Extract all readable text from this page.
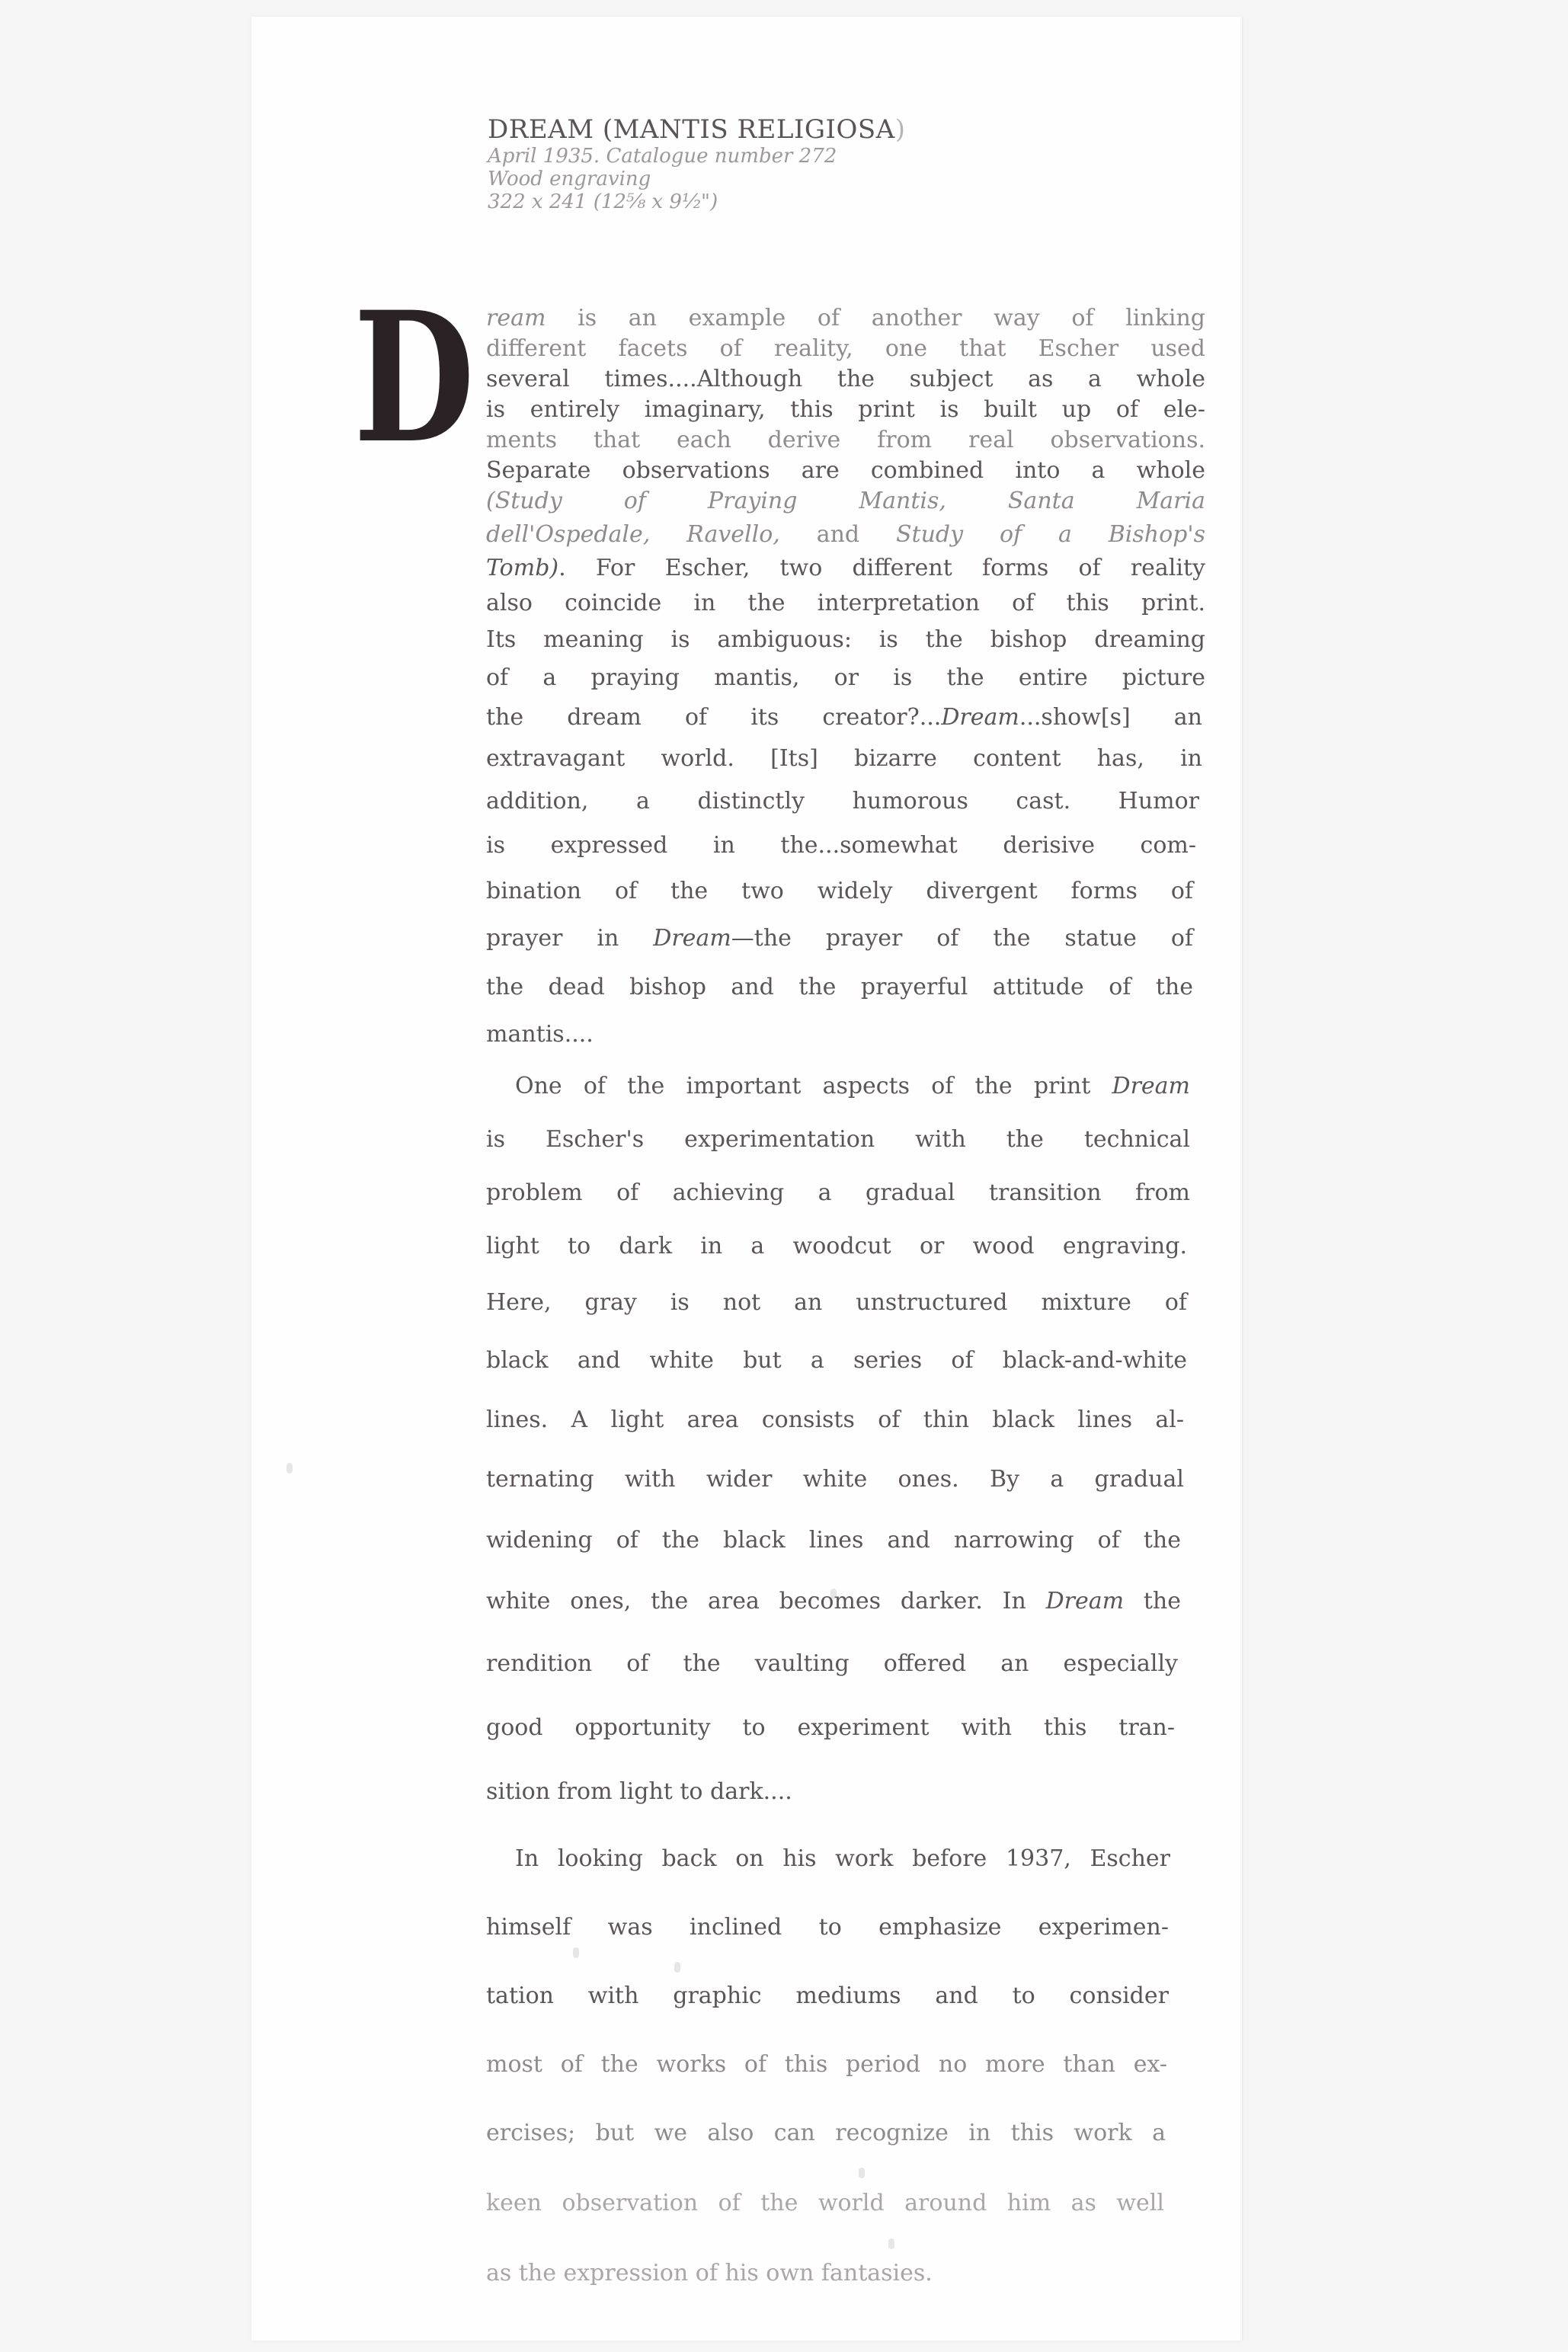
DREAM (MANTIS RELIGIOSA)

April 1935. Catalogue number 272

Wood engraving

322 x 241 (12⁵⁄₈ x 9¹⁄₂")

D ream is an example of another way of linking
different facets of reality, one that Escher used
several times....Although the subject as a whole
is entirely imaginary, this print is built up of ele-
ments that each derive from real observations.
Separate observations are combined into a whole
(Study of Praying Mantis, Santa Maria
dell'Ospedale, Ravello, and Study of a Bishop's
Tomb). For Escher, two different forms of reality
also coincide in the interpretation of this print.
Its meaning is ambiguous: is the bishop dreaming
of a praying mantis, or is the entire picture
the dream of its creator?...Dream...show[s] an
extravagant world. [Its] bizarre content has, in
addition, a distinctly humorous cast. Humor
is expressed in the...somewhat derisive com-
bination of the two widely divergent forms of
prayer in Dream—the prayer of the statue of
the dead bishop and the prayerful attitude of the
mantis....
One of the important aspects of the print Dream
is Escher's experimentation with the technical
problem of achieving a gradual transition from
light to dark in a woodcut or wood engraving.
Here, gray is not an unstructured mixture of
black and white but a series of black-and-white
lines. A light area consists of thin black lines al-
ternating with wider white ones. By a gradual
widening of the black lines and narrowing of the
white ones, the area becomes darker. In Dream the
rendition of the vaulting offered an especially
good opportunity to experiment with this tran-
sition from light to dark....
In looking back on his work before 1937, Escher
himself was inclined to emphasize experimen-
tation with graphic mediums and to consider
most of the works of this period no more than ex-
ercises; but we also can recognize in this work a
keen observation of the world around him as well
as the expression of his own fantasies.
